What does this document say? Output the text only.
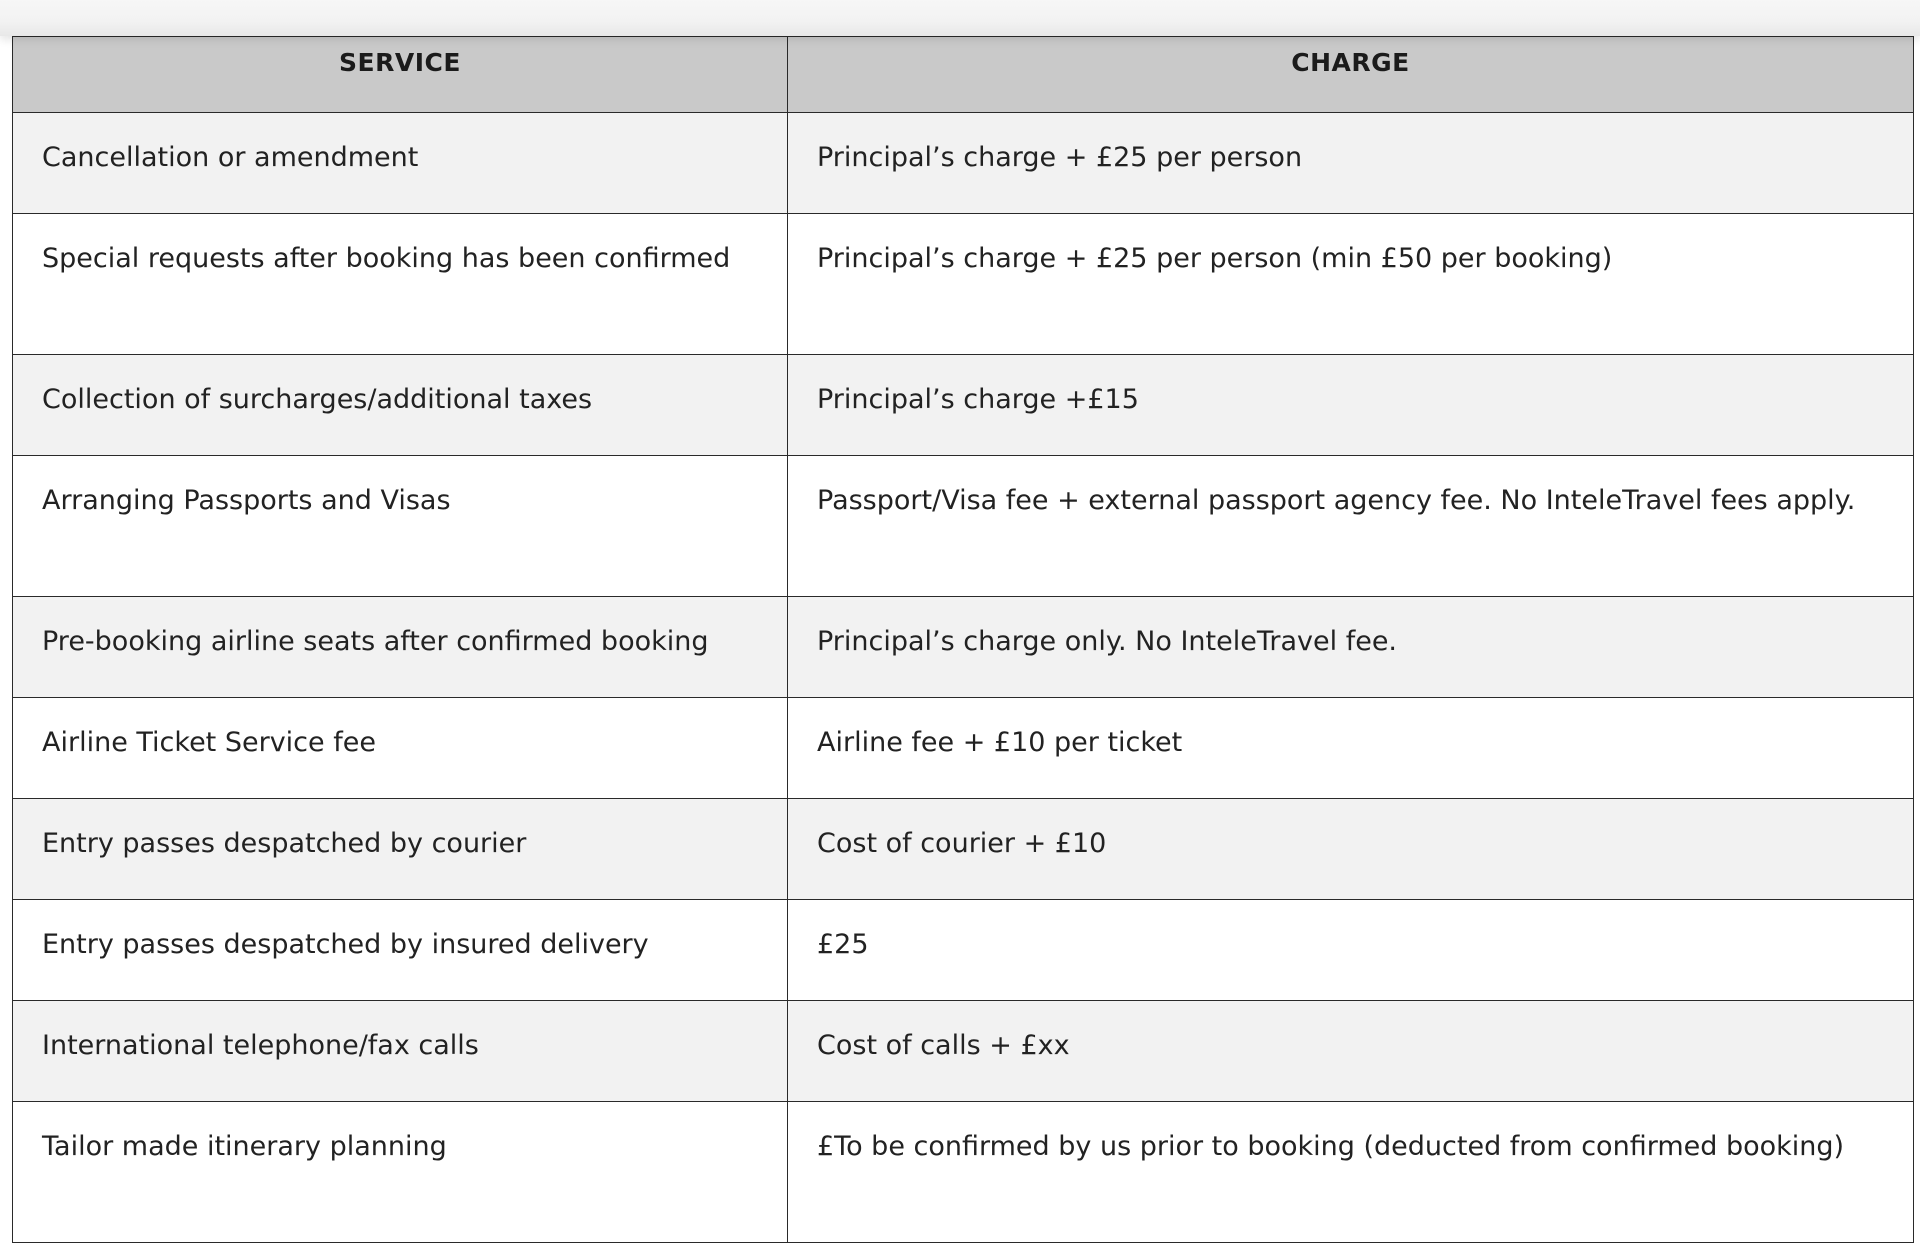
SERVICE	CHARGE
Cancellation or amendment	Principal’s charge + £25 per person
Special requests after booking has been confirmed	Principal’s charge + £25 per person (min £50 per booking)
Collection of surcharges/additional taxes	Principal’s charge +£15
Arranging Passports and Visas	Passport/Visa fee + external passport agency fee. No InteleTravel fees apply.
Pre-booking airline seats after confirmed booking	Principal’s charge only. No InteleTravel fee.
Airline Ticket Service fee	Airline fee + £10 per ticket
Entry passes despatched by courier	Cost of courier + £10
Entry passes despatched by insured delivery	£25
International telephone/fax calls	Cost of calls + £xx
Tailor made itinerary planning	£To be confirmed by us prior to booking (deducted from confirmed booking)
